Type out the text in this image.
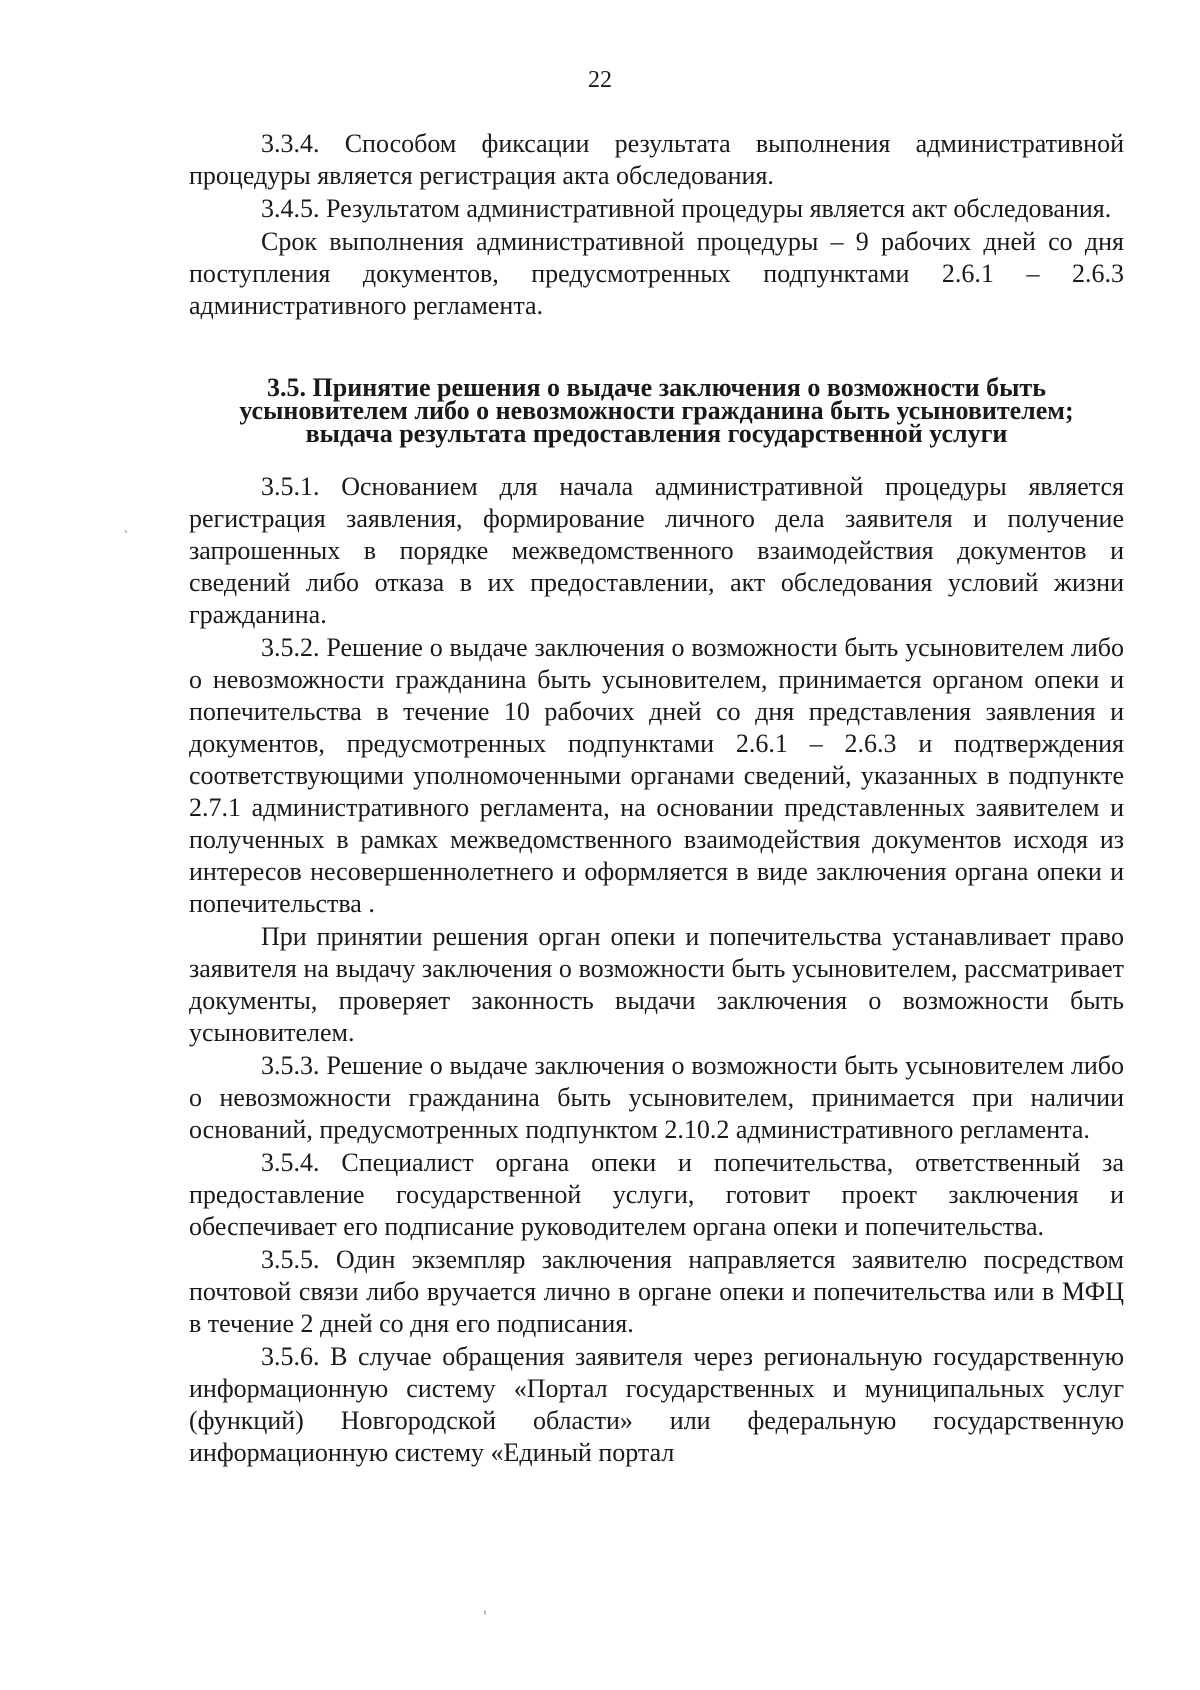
22

3.3.4. Способом фиксации результата выполнения административной процедуры является регистрация акта обследования.

3.4.5. Результатом административной процедуры является акт обследования.

Срок выполнения административной процедуры – 9 рабочих дней со дня поступления документов, предусмотренных подпунктами 2.6.1 – 2.6.3 административного регламента.

3.5. Принятие решения о выдаче заключения о возможности быть
усыновителем либо о невозможности гражданина быть усыновителем;
выдача результата предоставления государственной услуги

3.5.1. Основанием для начала административной процедуры является регистрация заявления, формирование личного дела заявителя и получение запрошенных в порядке межведомственного взаимодействия документов и сведений либо отказа в их предоставлении, акт обследования условий жизни гражданина.

3.5.2. Решение о выдаче заключения о возможности быть усыновителем либо о невозможности гражданина быть усыновителем, принимается органом опеки и попечительства в течение 10 рабочих дней со дня представления заявления и документов, предусмотренных подпунктами 2.6.1 – 2.6.3 и подтверждения соответствующими уполномоченными органами сведений, указанных в подпункте 2.7.1 административного регламента, на основании представленных заявителем и полученных в рамках межведомственного взаимодействия документов исходя из интересов несовершеннолетнего и оформляется в виде заключения органа опеки и попечительства .

При принятии решения орган опеки и попечительства устанавливает право заявителя на выдачу заключения о возможности быть усыновителем, рассматривает документы, проверяет законность выдачи заключения о возможности быть усыновителем.

3.5.3. Решение о выдаче заключения о возможности быть усыновителем либо о невозможности гражданина быть усыновителем, принимается при наличии оснований, предусмотренных подпунктом 2.10.2 административного регламента.

3.5.4. Специалист органа опеки и попечительства, ответственный за предоставление государственной услуги, готовит проект заключения и обеспечивает его подписание руководителем органа опеки и попечительства.

3.5.5. Один экземпляр заключения направляется заявителю посредством почтовой связи либо вручается лично в органе опеки и попечительства или в МФЦ в течение 2 дней со дня его подписания.

3.5.6. В случае обращения заявителя через региональную государственную информационную систему «Портал государственных и муниципальных услуг (функций) Новгородской области» или федеральную государственную информационную систему «Единый портал
